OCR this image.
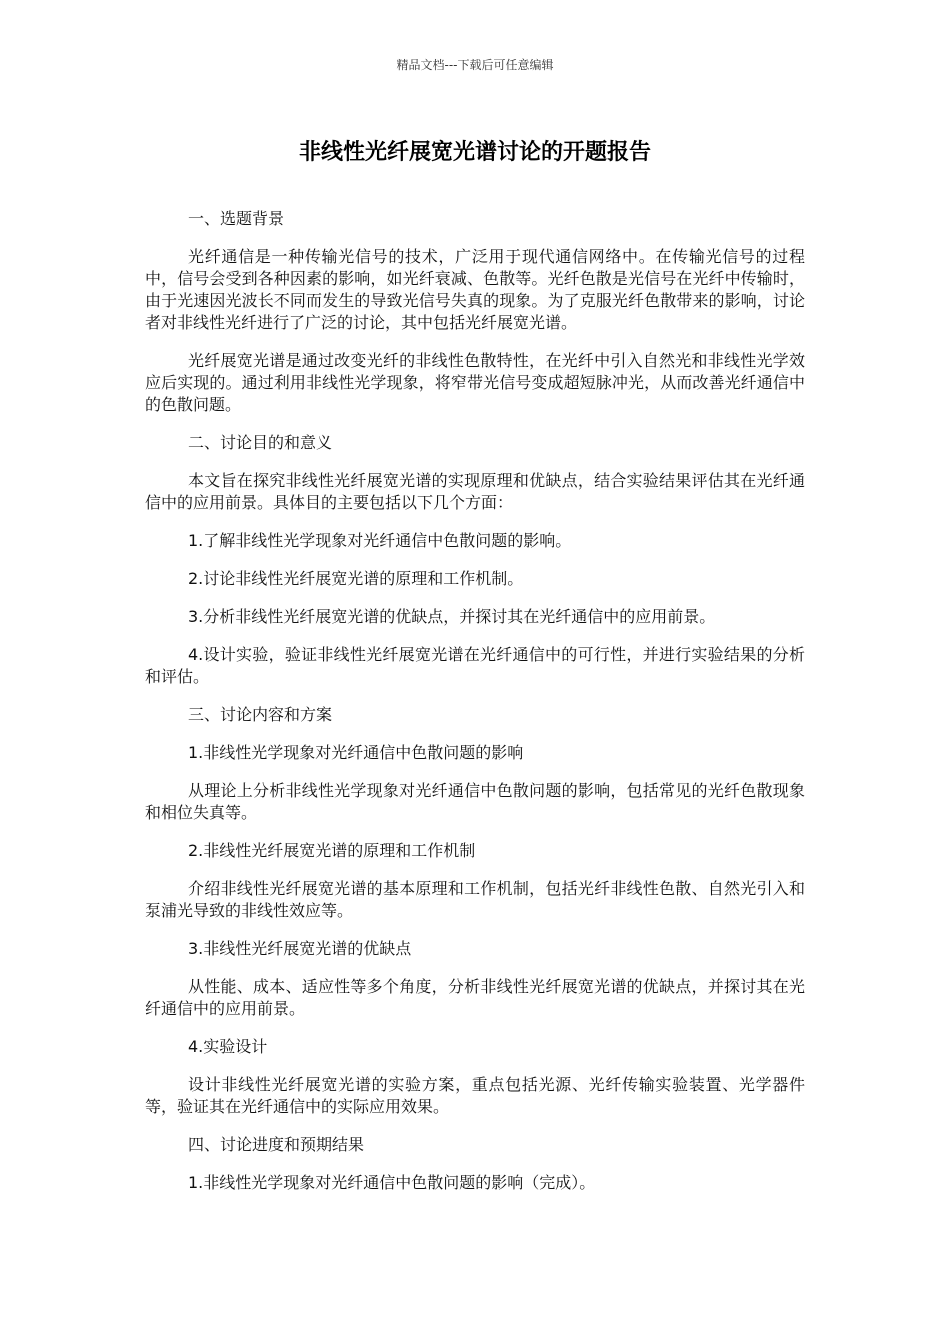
精品文档---下载后可任意编辑
非线性光纤展宽光谱讨论的开题报告

一、选题背景

光纤通信是一种传输光信号的技术，广泛用于现代通信网络中。在传输光信号的过程中，信号会受到各种因素的影响，如光纤衰减、色散等。光纤色散是光信号在光纤中传输时，由于光速因光波长不同而发生的导致光信号失真的现象。为了克服光纤色散带来的影响，讨论者对非线性光纤进行了广泛的讨论，其中包括光纤展宽光谱。

光纤展宽光谱是通过改变光纤的非线性色散特性，在光纤中引入自然光和非线性光学效应后实现的。通过利用非线性光学现象，将窄带光信号变成超短脉冲光，从而改善光纤通信中的色散问题。

二、讨论目的和意义

本文旨在探究非线性光纤展宽光谱的实现原理和优缺点，结合实验结果评估其在光纤通信中的应用前景。具体目的主要包括以下几个方面：

1.了解非线性光学现象对光纤通信中色散问题的影响。

2.讨论非线性光纤展宽光谱的原理和工作机制。

3.分析非线性光纤展宽光谱的优缺点，并探讨其在光纤通信中的应用前景。

4.设计实验，验证非线性光纤展宽光谱在光纤通信中的可行性，并进行实验结果的分析和评估。

三、讨论内容和方案

1.非线性光学现象对光纤通信中色散问题的影响

从理论上分析非线性光学现象对光纤通信中色散问题的影响，包括常见的光纤色散现象和相位失真等。

2.非线性光纤展宽光谱的原理和工作机制

介绍非线性光纤展宽光谱的基本原理和工作机制，包括光纤非线性色散、自然光引入和泵浦光导致的非线性效应等。

3.非线性光纤展宽光谱的优缺点

从性能、成本、适应性等多个角度，分析非线性光纤展宽光谱的优缺点，并探讨其在光纤通信中的应用前景。

4.实验设计

设计非线性光纤展宽光谱的实验方案，重点包括光源、光纤传输实验装置、光学器件等，验证其在光纤通信中的实际应用效果。

四、讨论进度和预期结果

1.非线性光学现象对光纤通信中色散问题的影响（完成）。
